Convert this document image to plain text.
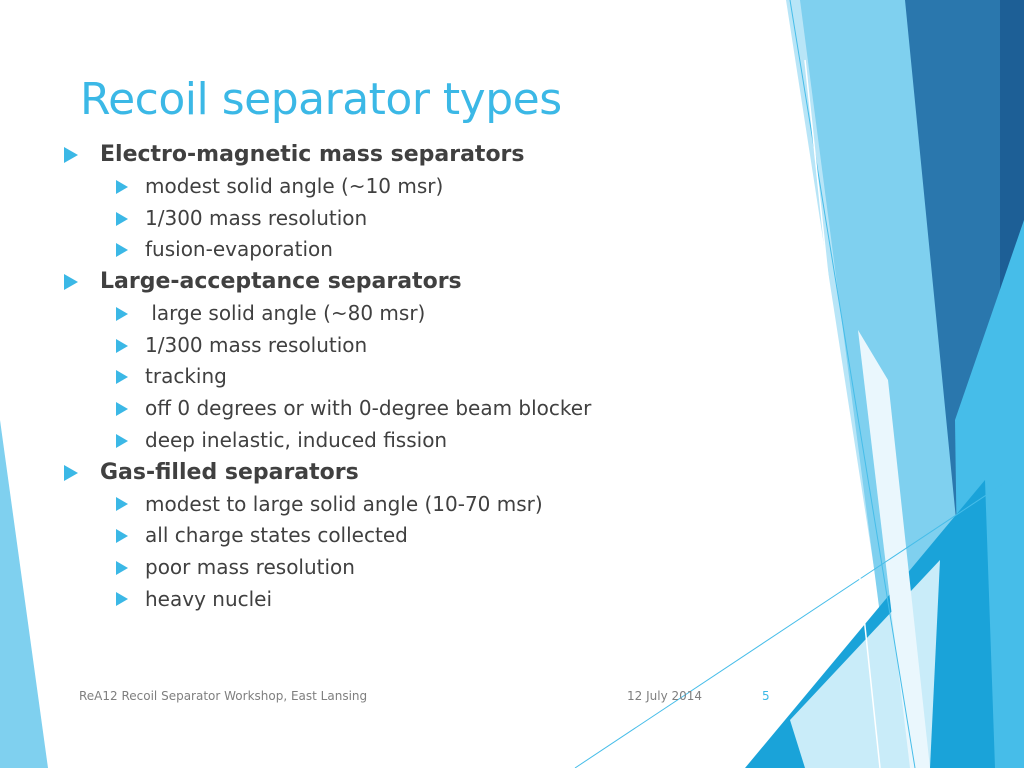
Recoil separator types
Electro-magnetic mass separators
modest solid angle (~10 msr)
1/300 mass resolution
fusion-evaporation
Large-acceptance separators
large solid angle (~80 msr)
1/300 mass resolution
tracking
off 0 degrees or with 0-degree beam blocker
deep inelastic, induced fission
Gas-filled separators
modest to large solid angle (10-70 msr)
all charge states collected
poor mass resolution
heavy nuclei
ReA12 Recoil Separator Workshop, East Lansing	12 July 2014	5
